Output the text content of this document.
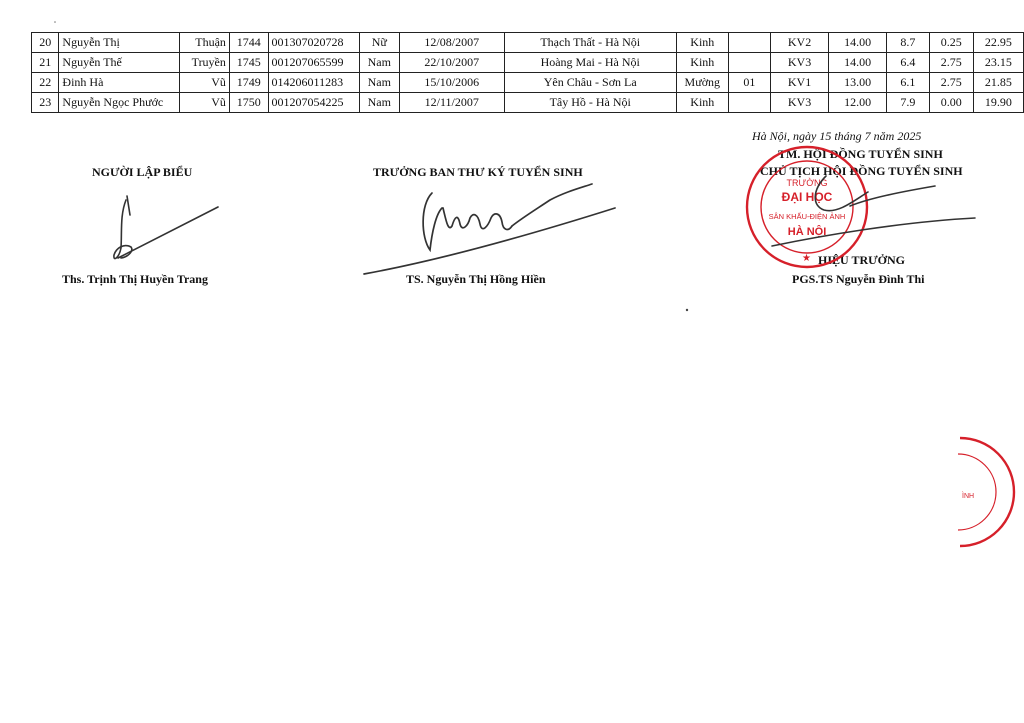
20	Nguyễn Thị	Thuận	1744	001307020728	Nữ	12/08/2007	Thạch Thất - Hà Nội	Kinh		KV2	14.00	8.7	0.25	22.95
21	Nguyễn Thế	Truyền	1745	001207065599	Nam	22/10/2007	Hoàng Mai - Hà Nội	Kinh		KV3	14.00	6.4	2.75	23.15
22	Đinh Hà	Vũ	1749	014206011283	Nam	15/10/2006	Yên Châu - Sơn La	Mường	01	KV1	13.00	6.1	2.75	21.85
23	Nguyễn Ngọc Phước	Vũ	1750	001207054225	Nam	12/11/2007	Tây Hồ - Hà Nội	Kinh		KV3	12.00	7.9	0.00	19.90
Hà Nội, ngày 15 tháng 7 năm 2025
NGƯỜI LẬP BIỂU
Ths. Trịnh Thị Huyền Trang
TRƯỞNG BAN THƯ KÝ TUYỂN SINH
TS. Nguyễn Thị Hồng Hiền
TM. HỘI ĐỒNG TUYỂN SINH
CHỦ TỊCH HỘI ĐỒNG TUYỂN SINH
HIỆU TRƯỞNG
PGS.TS Nguyễn Đình Thi
TRƯỜNG
ĐẠI HỌC
SÂN KHẤU-ĐIỆN ẢNH
HÀ NỘI
★
ÌNH
